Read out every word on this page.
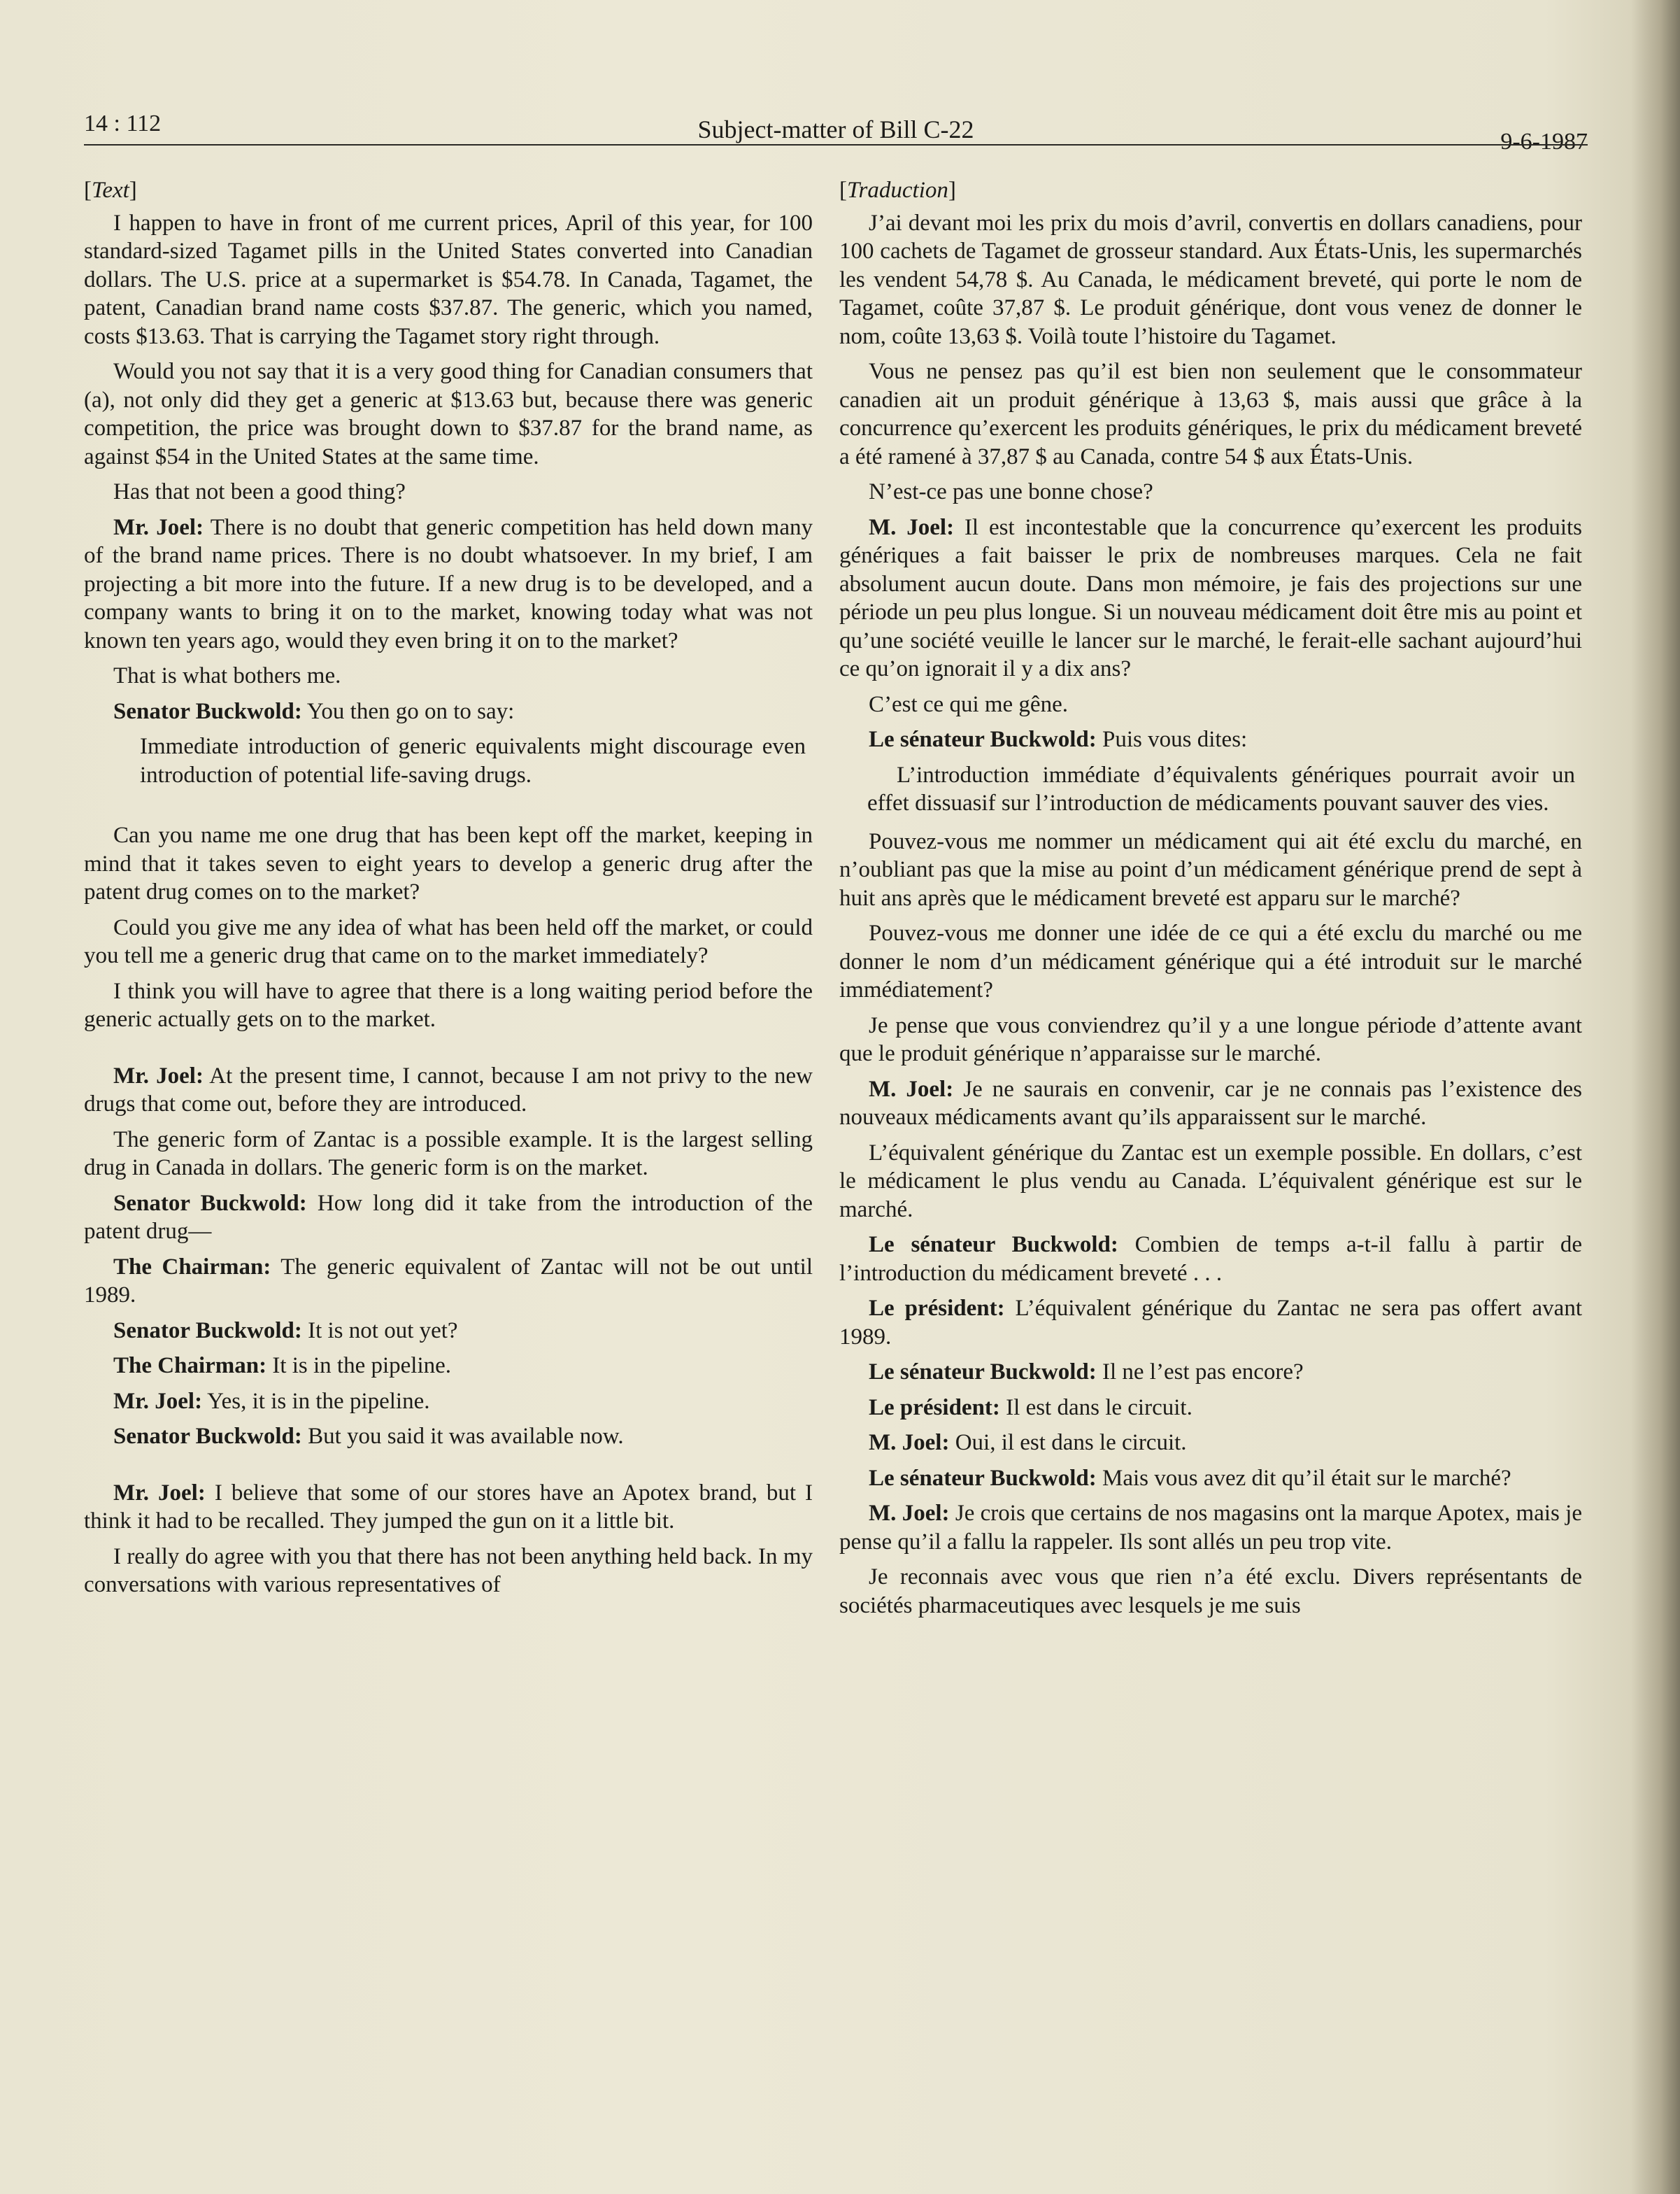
14 : 112	Subject-matter of Bill C-22	9-6-1987

[Text]

I happen to have in front of me current prices, April of this year, for 100 standard-sized Tagamet pills in the United States converted into Canadian dollars. The U.S. price at a supermarket is $54.78. In Canada, Tagamet, the patent, Canadian brand name costs $37.87. The generic, which you named, costs $13.63. That is carrying the Tagamet story right through.

Would you not say that it is a very good thing for Canadian consumers that (a), not only did they get a generic at $13.63 but, because there was generic competition, the price was brought down to $37.87 for the brand name, as against $54 in the United States at the same time.

Has that not been a good thing?

Mr. Joel: There is no doubt that generic competition has held down many of the brand name prices. There is no doubt whatsoever. In my brief, I am projecting a bit more into the future. If a new drug is to be developed, and a company wants to bring it on to the market, knowing today what was not known ten years ago, would they even bring it on to the market?

That is what bothers me.

Senator Buckwold: You then go on to say:

Immediate introduction of generic equivalents might discourage even introduction of potential life-saving drugs.

Can you name me one drug that has been kept off the market, keeping in mind that it takes seven to eight years to develop a generic drug after the patent drug comes on to the market?

Could you give me any idea of what has been held off the market, or could you tell me a generic drug that came on to the market immediately?

I think you will have to agree that there is a long waiting period before the generic actually gets on to the market.

Mr. Joel: At the present time, I cannot, because I am not privy to the new drugs that come out, before they are introduced.

The generic form of Zantac is a possible example. It is the largest selling drug in Canada in dollars. The generic form is on the market.

Senator Buckwold: How long did it take from the introduction of the patent drug—

The Chairman: The generic equivalent of Zantac will not be out until 1989.

Senator Buckwold: It is not out yet?

The Chairman: It is in the pipeline.

Mr. Joel: Yes, it is in the pipeline.

Senator Buckwold: But you said it was available now.

Mr. Joel: I believe that some of our stores have an Apotex brand, but I think it had to be recalled. They jumped the gun on it a little bit.

I really do agree with you that there has not been anything held back. In my conversations with various representatives of

[Traduction]

J’ai devant moi les prix du mois d’avril, convertis en dollars canadiens, pour 100 cachets de Tagamet de grosseur standard. Aux États-Unis, les supermarchés les vendent 54,78 $. Au Canada, le médicament breveté, qui porte le nom de Tagamet, coûte 37,87 $. Le produit générique, dont vous venez de donner le nom, coûte 13,63 $. Voilà toute l’histoire du Tagamet.

Vous ne pensez pas qu’il est bien non seulement que le consommateur canadien ait un produit générique à 13,63 $, mais aussi que grâce à la concurrence qu’exercent les produits génériques, le prix du médicament breveté a été ramené à 37,87 $ au Canada, contre 54 $ aux États-Unis.

N’est-ce pas une bonne chose?

M. Joel: Il est incontestable que la concurrence qu’exercent les produits génériques a fait baisser le prix de nombreuses marques. Cela ne fait absolument aucun doute. Dans mon mémoire, je fais des projections sur une période un peu plus longue. Si un nouveau médicament doit être mis au point et qu’une société veuille le lancer sur le marché, le ferait-elle sachant aujourd’hui ce qu’on ignorait il y a dix ans?

C’est ce qui me gêne.

Le sénateur Buckwold: Puis vous dites:

L’introduction immédiate d’équivalents génériques pourrait avoir un effet dissuasif sur l’introduction de médicaments pouvant sauver des vies.

Pouvez-vous me nommer un médicament qui ait été exclu du marché, en n’oubliant pas que la mise au point d’un médicament générique prend de sept à huit ans après que le médicament breveté est apparu sur le marché?

Pouvez-vous me donner une idée de ce qui a été exclu du marché ou me donner le nom d’un médicament générique qui a été introduit sur le marché immédiatement?

Je pense que vous conviendrez qu’il y a une longue période d’attente avant que le produit générique n’apparaisse sur le marché.

M. Joel: Je ne saurais en convenir, car je ne connais pas l’existence des nouveaux médicaments avant qu’ils apparaissent sur le marché.

L’équivalent générique du Zantac est un exemple possible. En dollars, c’est le médicament le plus vendu au Canada. L’équivalent générique est sur le marché.

Le sénateur Buckwold: Combien de temps a-t-il fallu à partir de l’introduction du médicament breveté . . .

Le président: L’équivalent générique du Zantac ne sera pas offert avant 1989.

Le sénateur Buckwold: Il ne l’est pas encore?

Le président: Il est dans le circuit.

M. Joel: Oui, il est dans le circuit.

Le sénateur Buckwold: Mais vous avez dit qu’il était sur le marché?

M. Joel: Je crois que certains de nos magasins ont la marque Apotex, mais je pense qu’il a fallu la rappeler. Ils sont allés un peu trop vite.

Je reconnais avec vous que rien n’a été exclu. Divers représentants de sociétés pharmaceutiques avec lesquels je me suis
